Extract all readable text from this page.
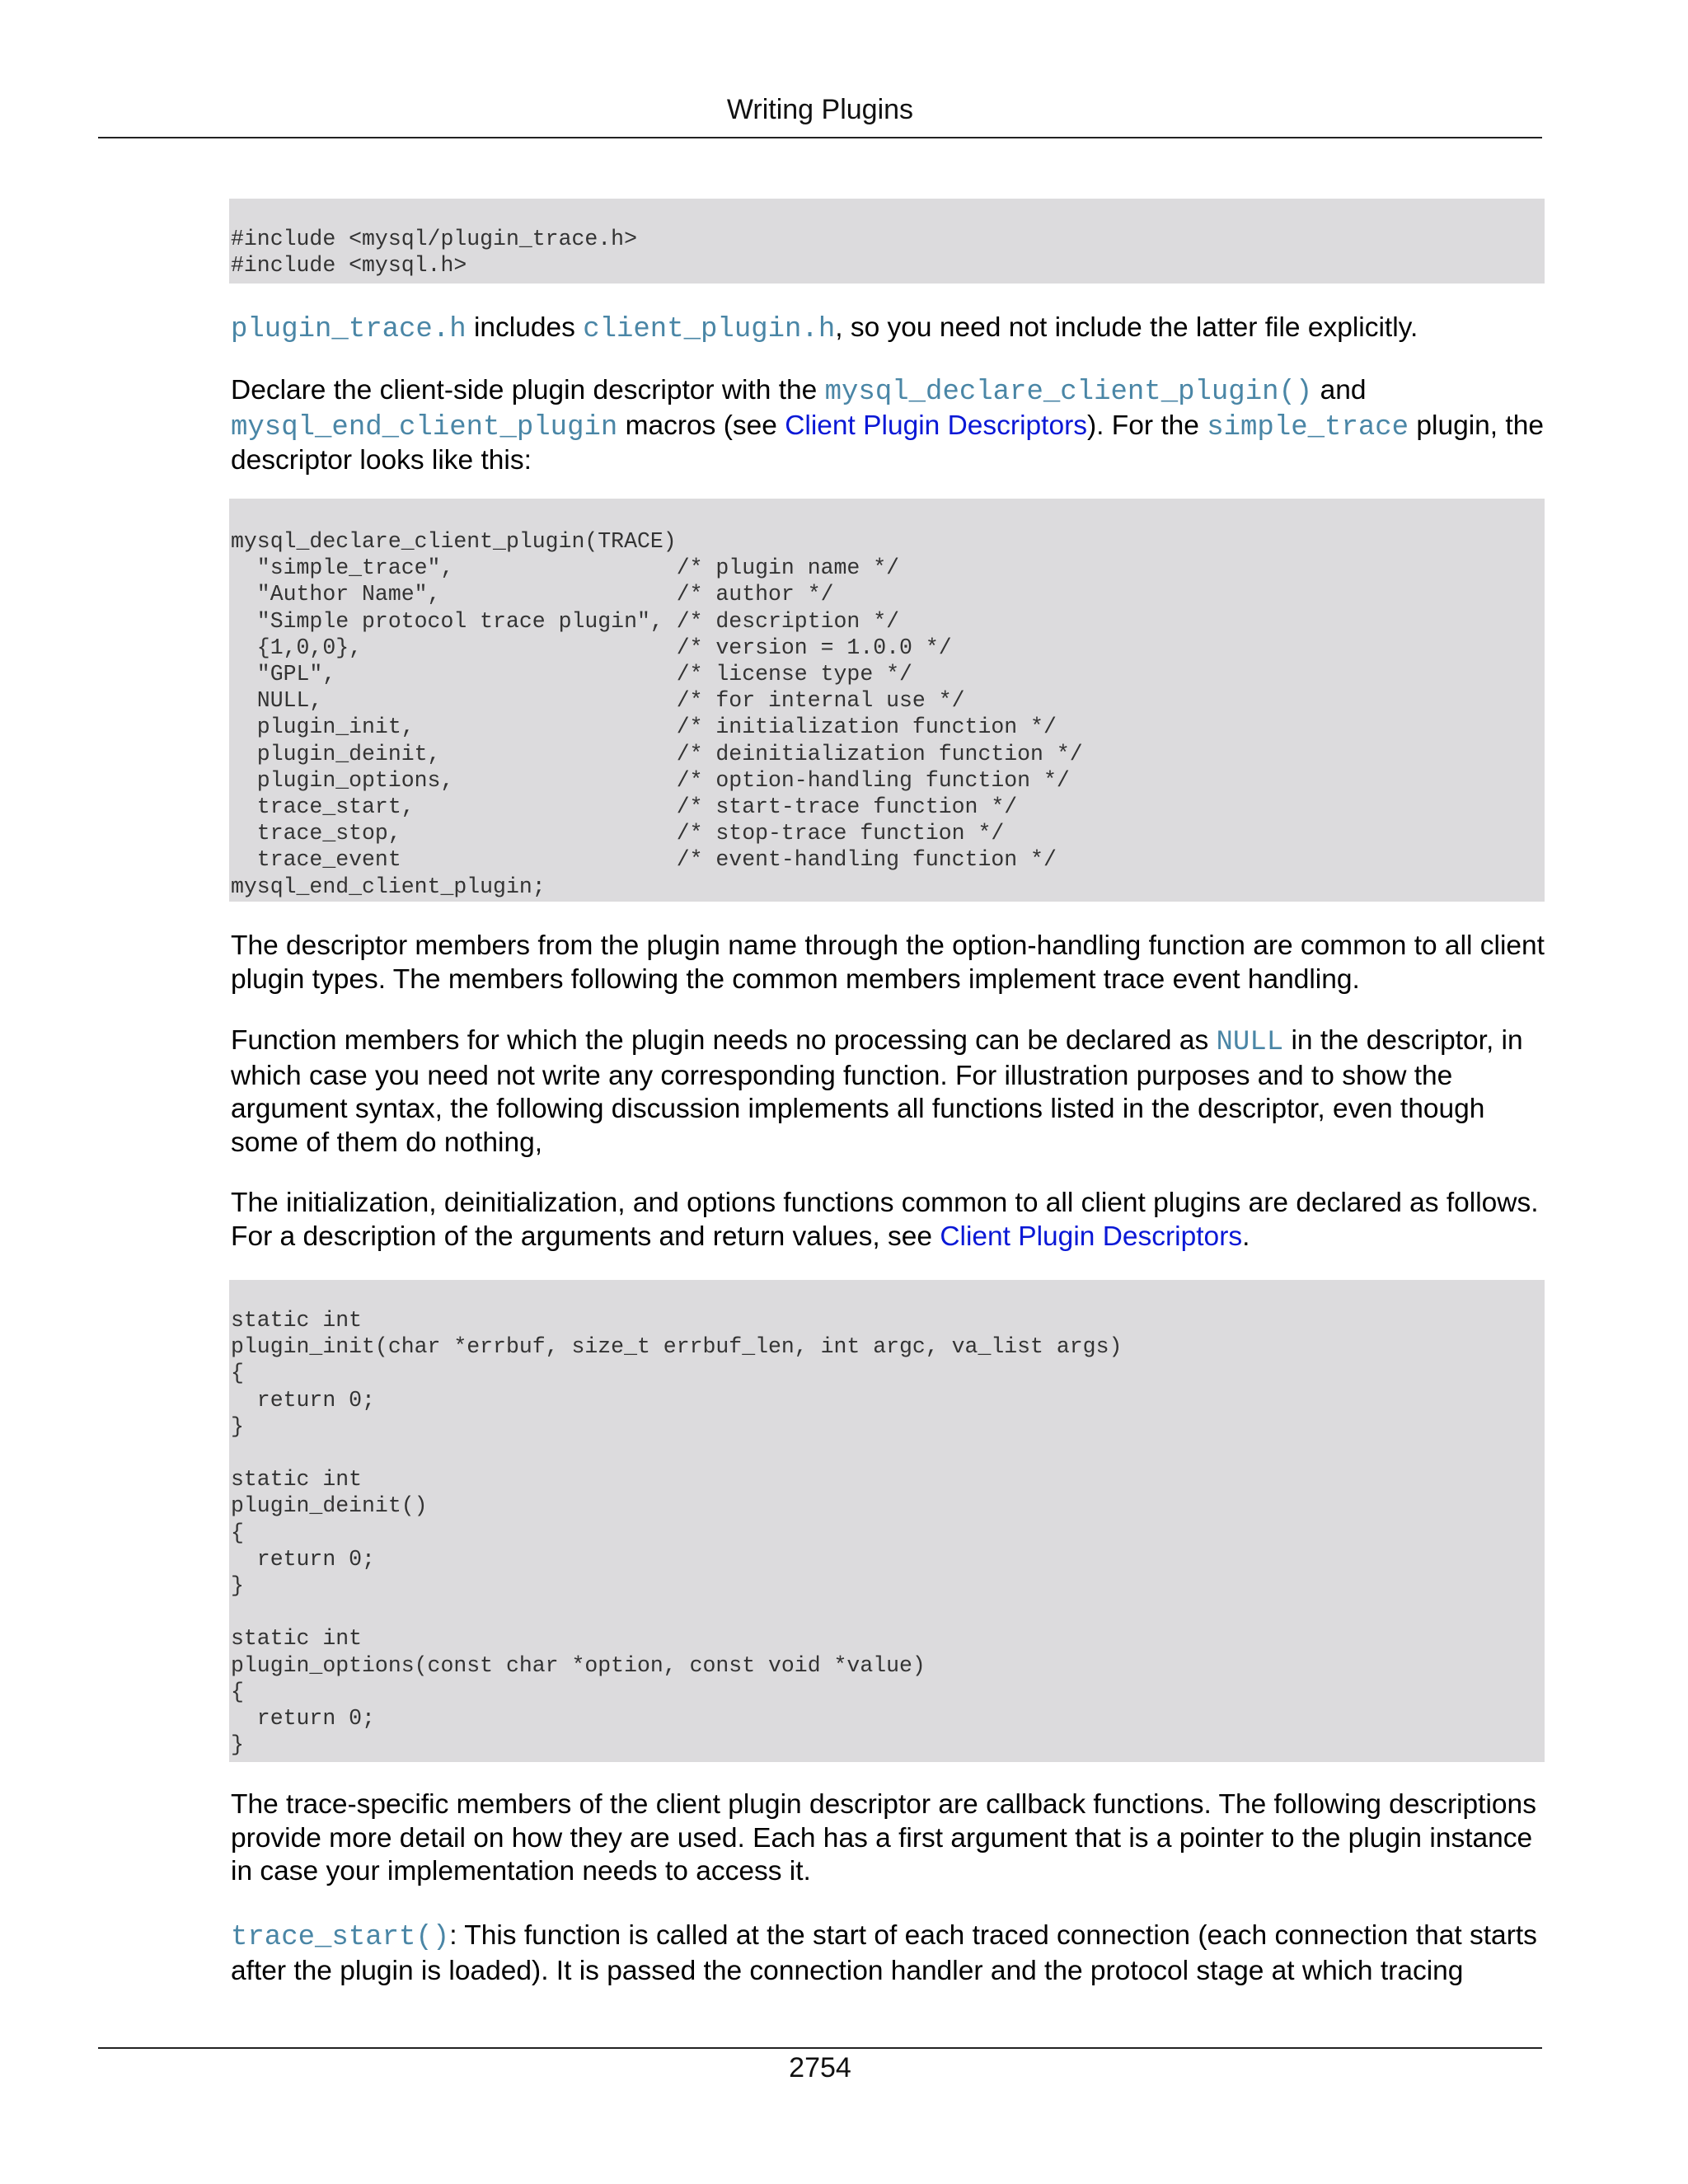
Writing Plugins
#include <mysql/plugin_trace.h>
#include <mysql.h>

plugin_trace.h includes client_plugin.h, so you need not include the latter file explicitly.

Declare the client-side plugin descriptor with the mysql_declare_client_plugin() and
mysql_end_client_plugin macros (see Client Plugin Descriptors). For the simple_trace plugin, the descriptor looks like this:

mysql_declare_client_plugin(TRACE)
"simple_trace",                 /* plugin name */
"Author Name",                  /* author */
"Simple protocol trace plugin", /* description */
{1,0,0},                        /* version = 1.0.0 */
"GPL",                          /* license type */
NULL,                           /* for internal use */
plugin_init,                    /* initialization function */
plugin_deinit,                  /* deinitialization function */
plugin_options,                 /* option-handling function */
trace_start,                    /* start-trace function */
trace_stop,                     /* stop-trace function */
trace_event                     /* event-handling function */
mysql_end_client_plugin;

The descriptor members from the plugin name through the option-handling function are common to all client plugin types. The members following the common members implement trace event handling.

Function members for which the plugin needs no processing can be declared as NULL in the descriptor, in which case you need not write any corresponding function. For illustration purposes and to show the argument syntax, the following discussion implements all functions listed in the descriptor, even though some of them do nothing,

The initialization, deinitialization, and options functions common to all client plugins are declared as follows. For a description of the arguments and return values, see Client Plugin Descriptors.

static int
plugin_init(char *errbuf, size_t errbuf_len, int argc, va_list args)
{
return 0;
}

static int
plugin_deinit()
{
return 0;
}

static int
plugin_options(const char *option, const void *value)
{
return 0;
}

The trace-specific members of the client plugin descriptor are callback functions. The following descriptions provide more detail on how they are used. Each has a first argument that is a pointer to the plugin instance in case your implementation needs to access it.

trace_start(): This function is called at the start of each traced connection (each connection that starts after the plugin is loaded). It is passed the connection handler and the protocol stage at which tracing

2754
